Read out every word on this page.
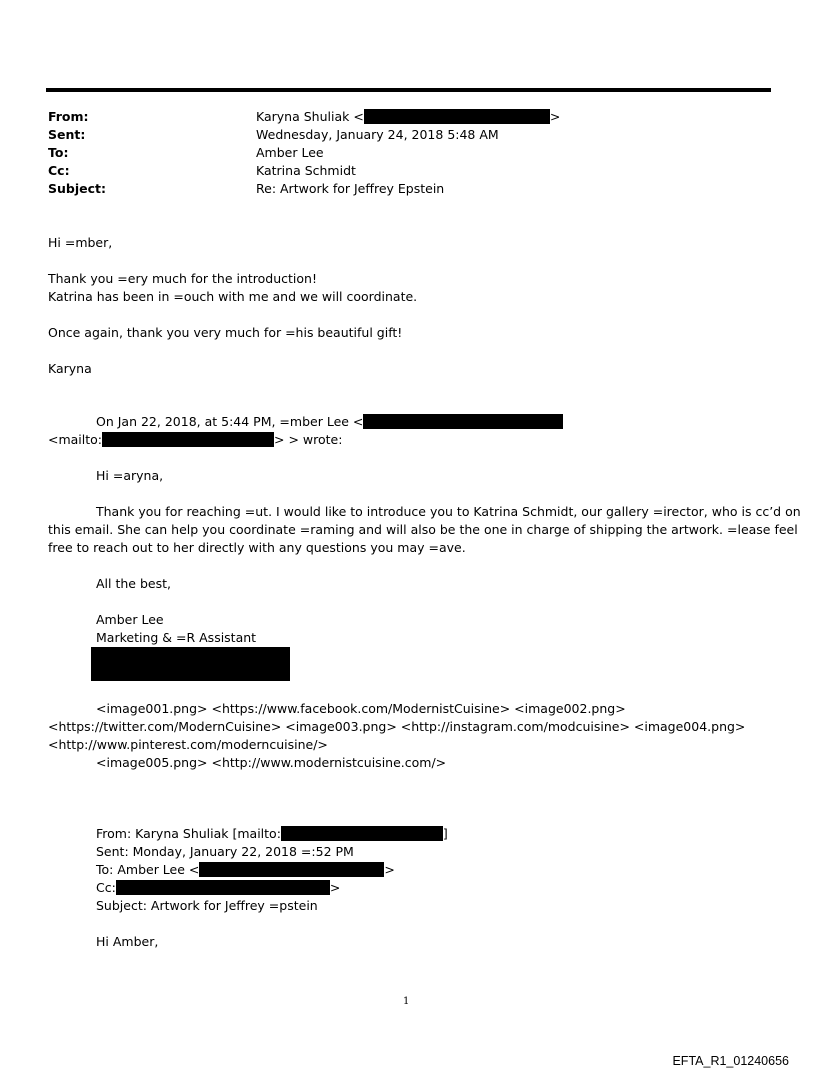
From:	Karyna Shuliak <	>
Sent:	Wednesday, January 24, 2018 5:48 AM
To:	Amber Lee
Cc:	Katrina Schmidt
Subject:	Re: Artwork for Jeffrey Epstein
Hi =mber,
Thank you =ery much for the introduction!
Katrina has been in =ouch with me and we will coordinate.
Once again, thank you very much for =his beautiful gift!
Karyna
On Jan 22, 2018, at 5:44 PM, =mber Lee <
<mailto:	> > wrote:
Hi =aryna,
Thank you for reaching =ut. I would like to introduce you to Katrina Schmidt, our gallery =irector, who is cc’d on
this email. She can help you coordinate =raming and will also be the one in charge of shipping the artwork. =lease feel
free to reach out to her directly with any questions you may =ave.
All the best,
Amber Lee
Marketing & =R Assistant
<image001.png> <https://www.facebook.com/ModernistCuisine> <image002.png>
<https://twitter.com/ModernCuisine> <image003.png> <http://instagram.com/modcuisine> <image004.png>
<http://www.pinterest.com/moderncuisine/>
<image005.png> <http://www.modernistcuisine.com/>
From: Karyna Shuliak [mailto:	]
Sent: Monday, January 22, 2018 =:52 PM
To: Amber Lee <	>
Cc:	>
Subject: Artwork for Jeffrey =pstein
Hi Amber,
1
EFTA_R1_01240656
